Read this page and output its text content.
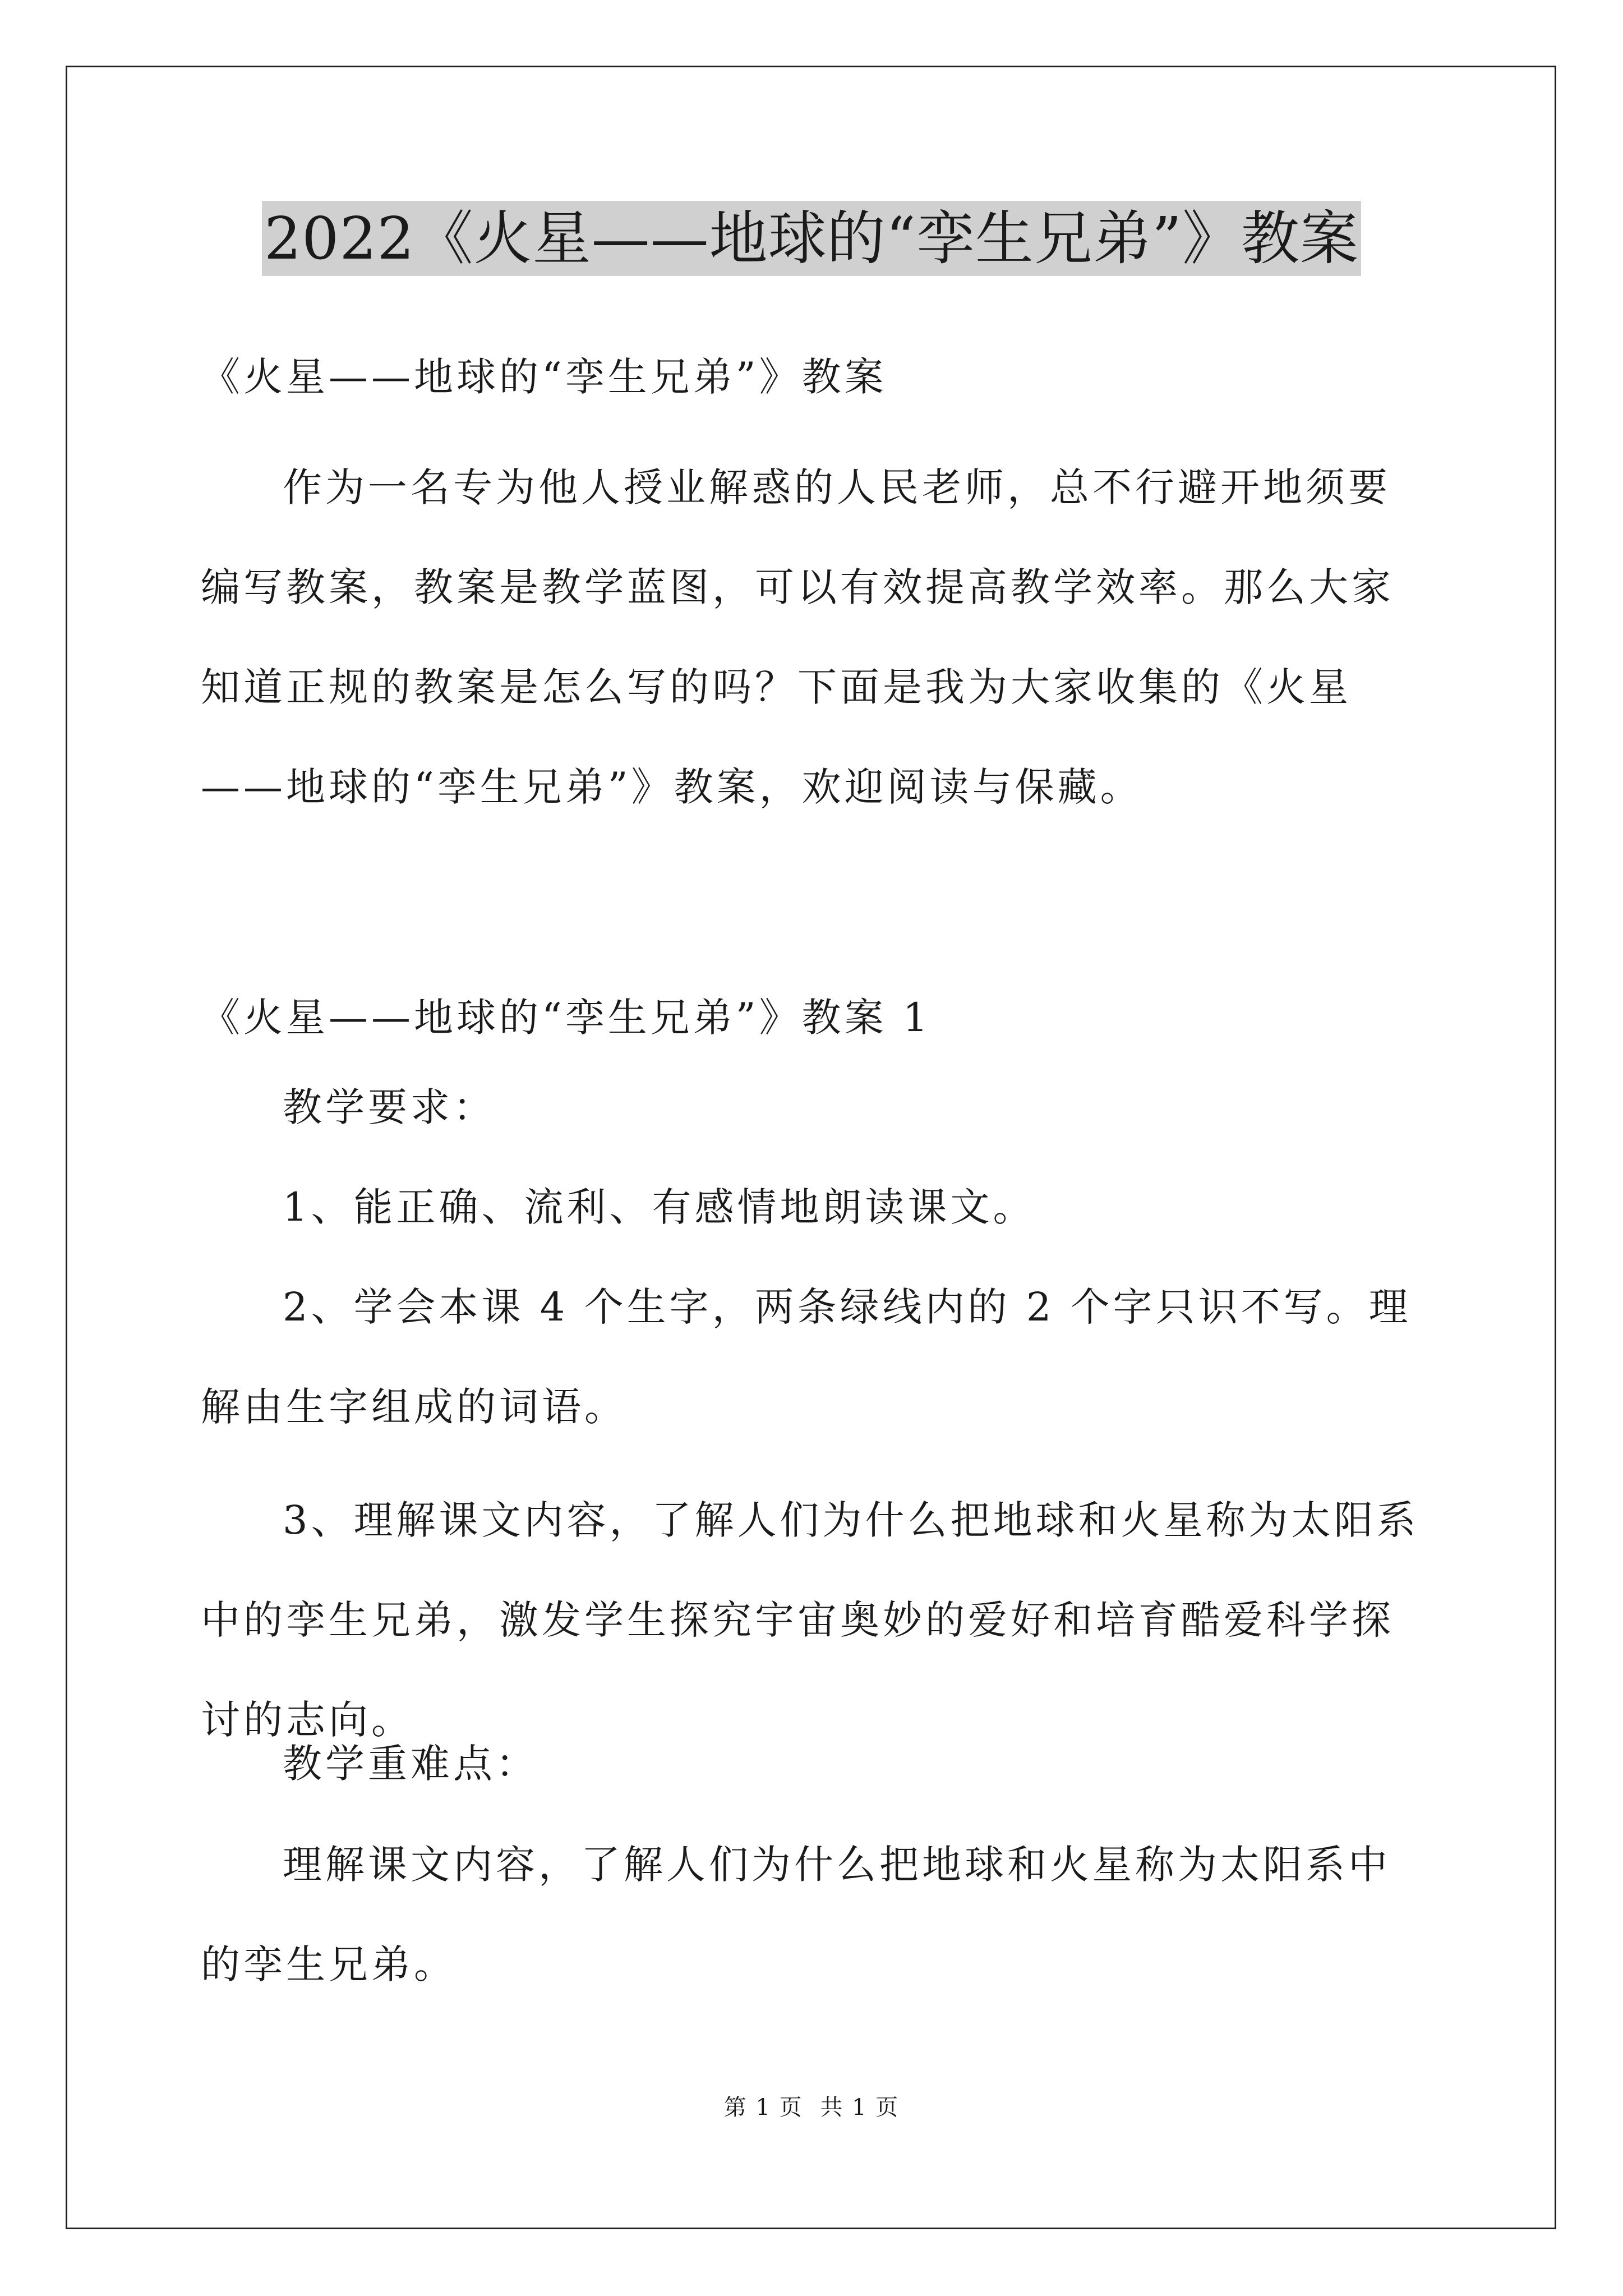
2022《火星——地球的“孪生兄弟”》教案

《火星——地球的“孪生兄弟”》教案

作为一名专为他人授业解惑的人民老师，总不行避开地须要编写教案，教案是教学蓝图，可以有效提高教学效率。那么大家知道正规的教案是怎么写的吗？下面是我为大家收集的《火星——地球的“孪生兄弟”》教案，欢迎阅读与保藏。

《火星——地球的“孪生兄弟”》教案 1

教学要求：

1、能正确、流利、有感情地朗读课文。

2、学会本课 4 个生字，两条绿线内的 2 个字只识不写。理解由生字组成的词语。

3、理解课文内容，了解人们为什么把地球和火星称为太阳系中的孪生兄弟，激发学生探究宇宙奥妙的爱好和培育酷爱科学探讨的志向。

教学重难点：

理解课文内容，了解人们为什么把地球和火星称为太阳系中的孪生兄弟。

第 1 页 共 1 页
